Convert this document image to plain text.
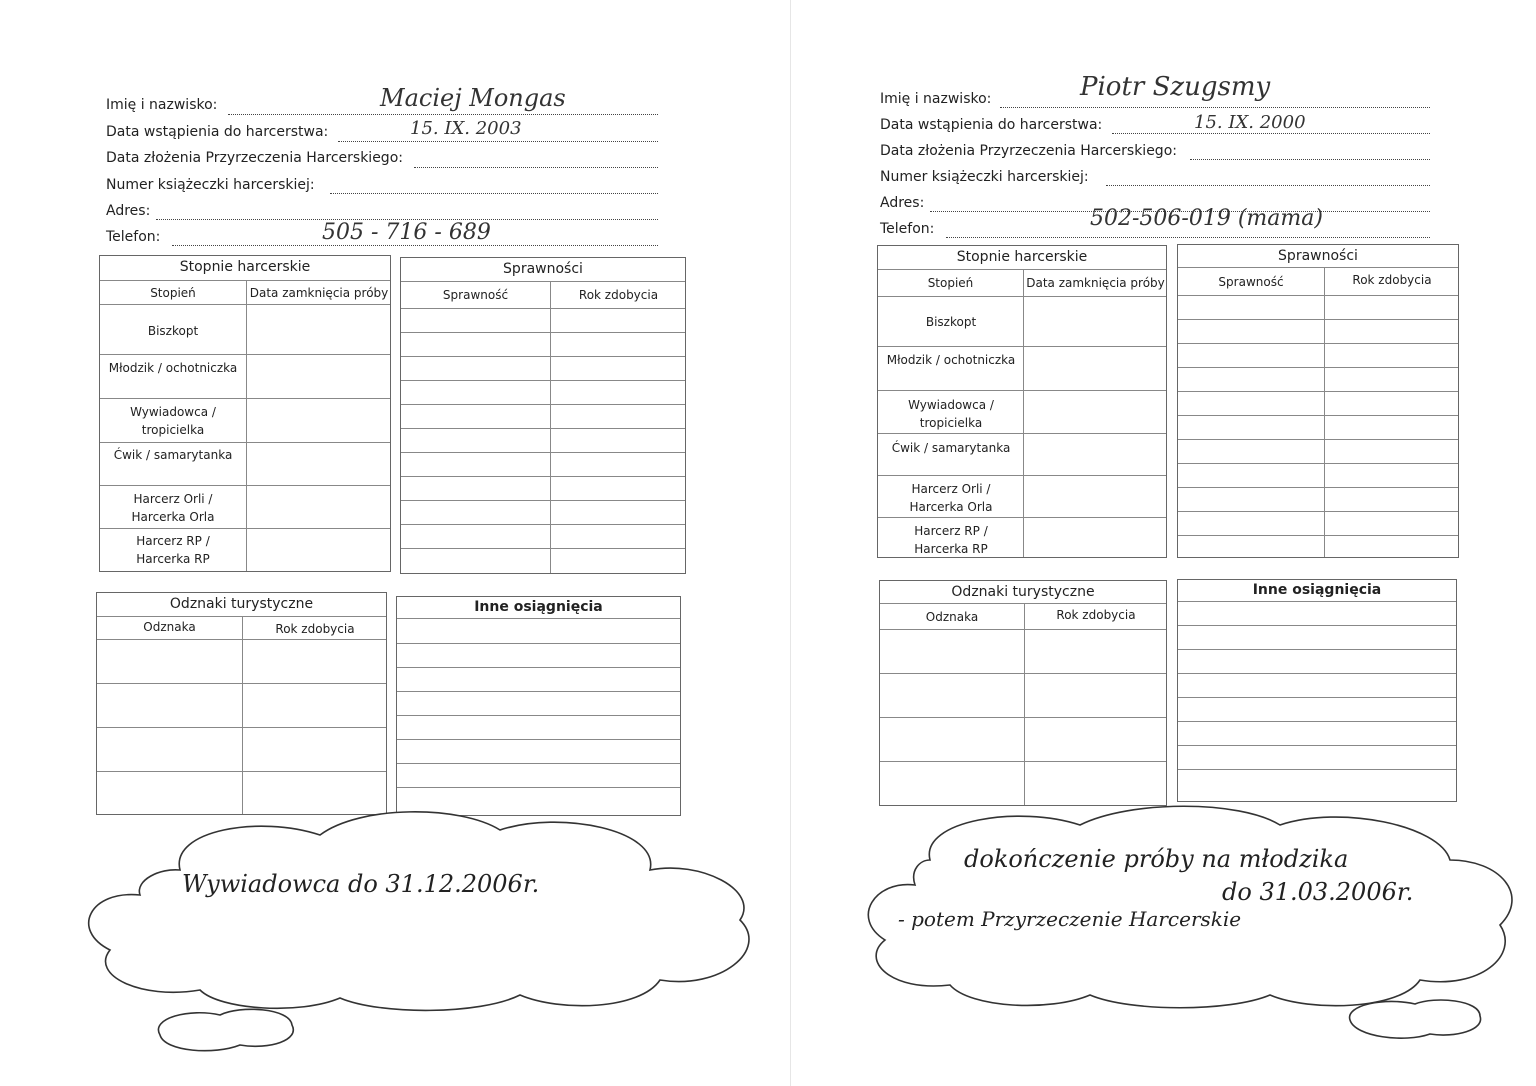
Imię i nazwisko:	Maciej Mongas
Data wstąpienia do harcerstwa:	15. IX. 2003
Data złożenia Przyrzeczenia Harcerskiego:
Numer książeczki harcerskiej:
Adres:
Telefon:	505 - 716 - 689
Stopnie harcerskie
Stopień	Data zamknięcia próby
Biszkopt
Młodzik / ochotniczka
Wywiadowca / tropicielka
Ćwik / samarytanka
Harcerz Orli / Harcerka Orla
Harcerz RP / Harcerka RP
Sprawności
Sprawność	Rok zdobycia
Odznaki turystyczne
Odznaka	Rok zdobycia
Inne osiągnięcia
Wywiadowca do 31.12.2006r.
Imię i nazwisko:	Piotr Szugsmy
Data wstąpienia do harcerstwa:	15. IX. 2000
Data złożenia Przyrzeczenia Harcerskiego:
Numer książeczki harcerskiej:
Adres:
Telefon:	502-506-019 (mama)
Stopnie harcerskie
Stopień	Data zamknięcia próby
Biszkopt
Młodzik / ochotniczka
Wywiadowca / tropicielka
Ćwik / samarytanka
Harcerz Orli / Harcerka Orla
Harcerz RP / Harcerka RP
Sprawności
Sprawność	Rok zdobycia
Odznaki turystyczne
Odznaka	Rok zdobycia
Inne osiągnięcia
dokończenie próby na młodzika
do 31.03.2006r.
- potem Przyrzeczenie Harcerskie
